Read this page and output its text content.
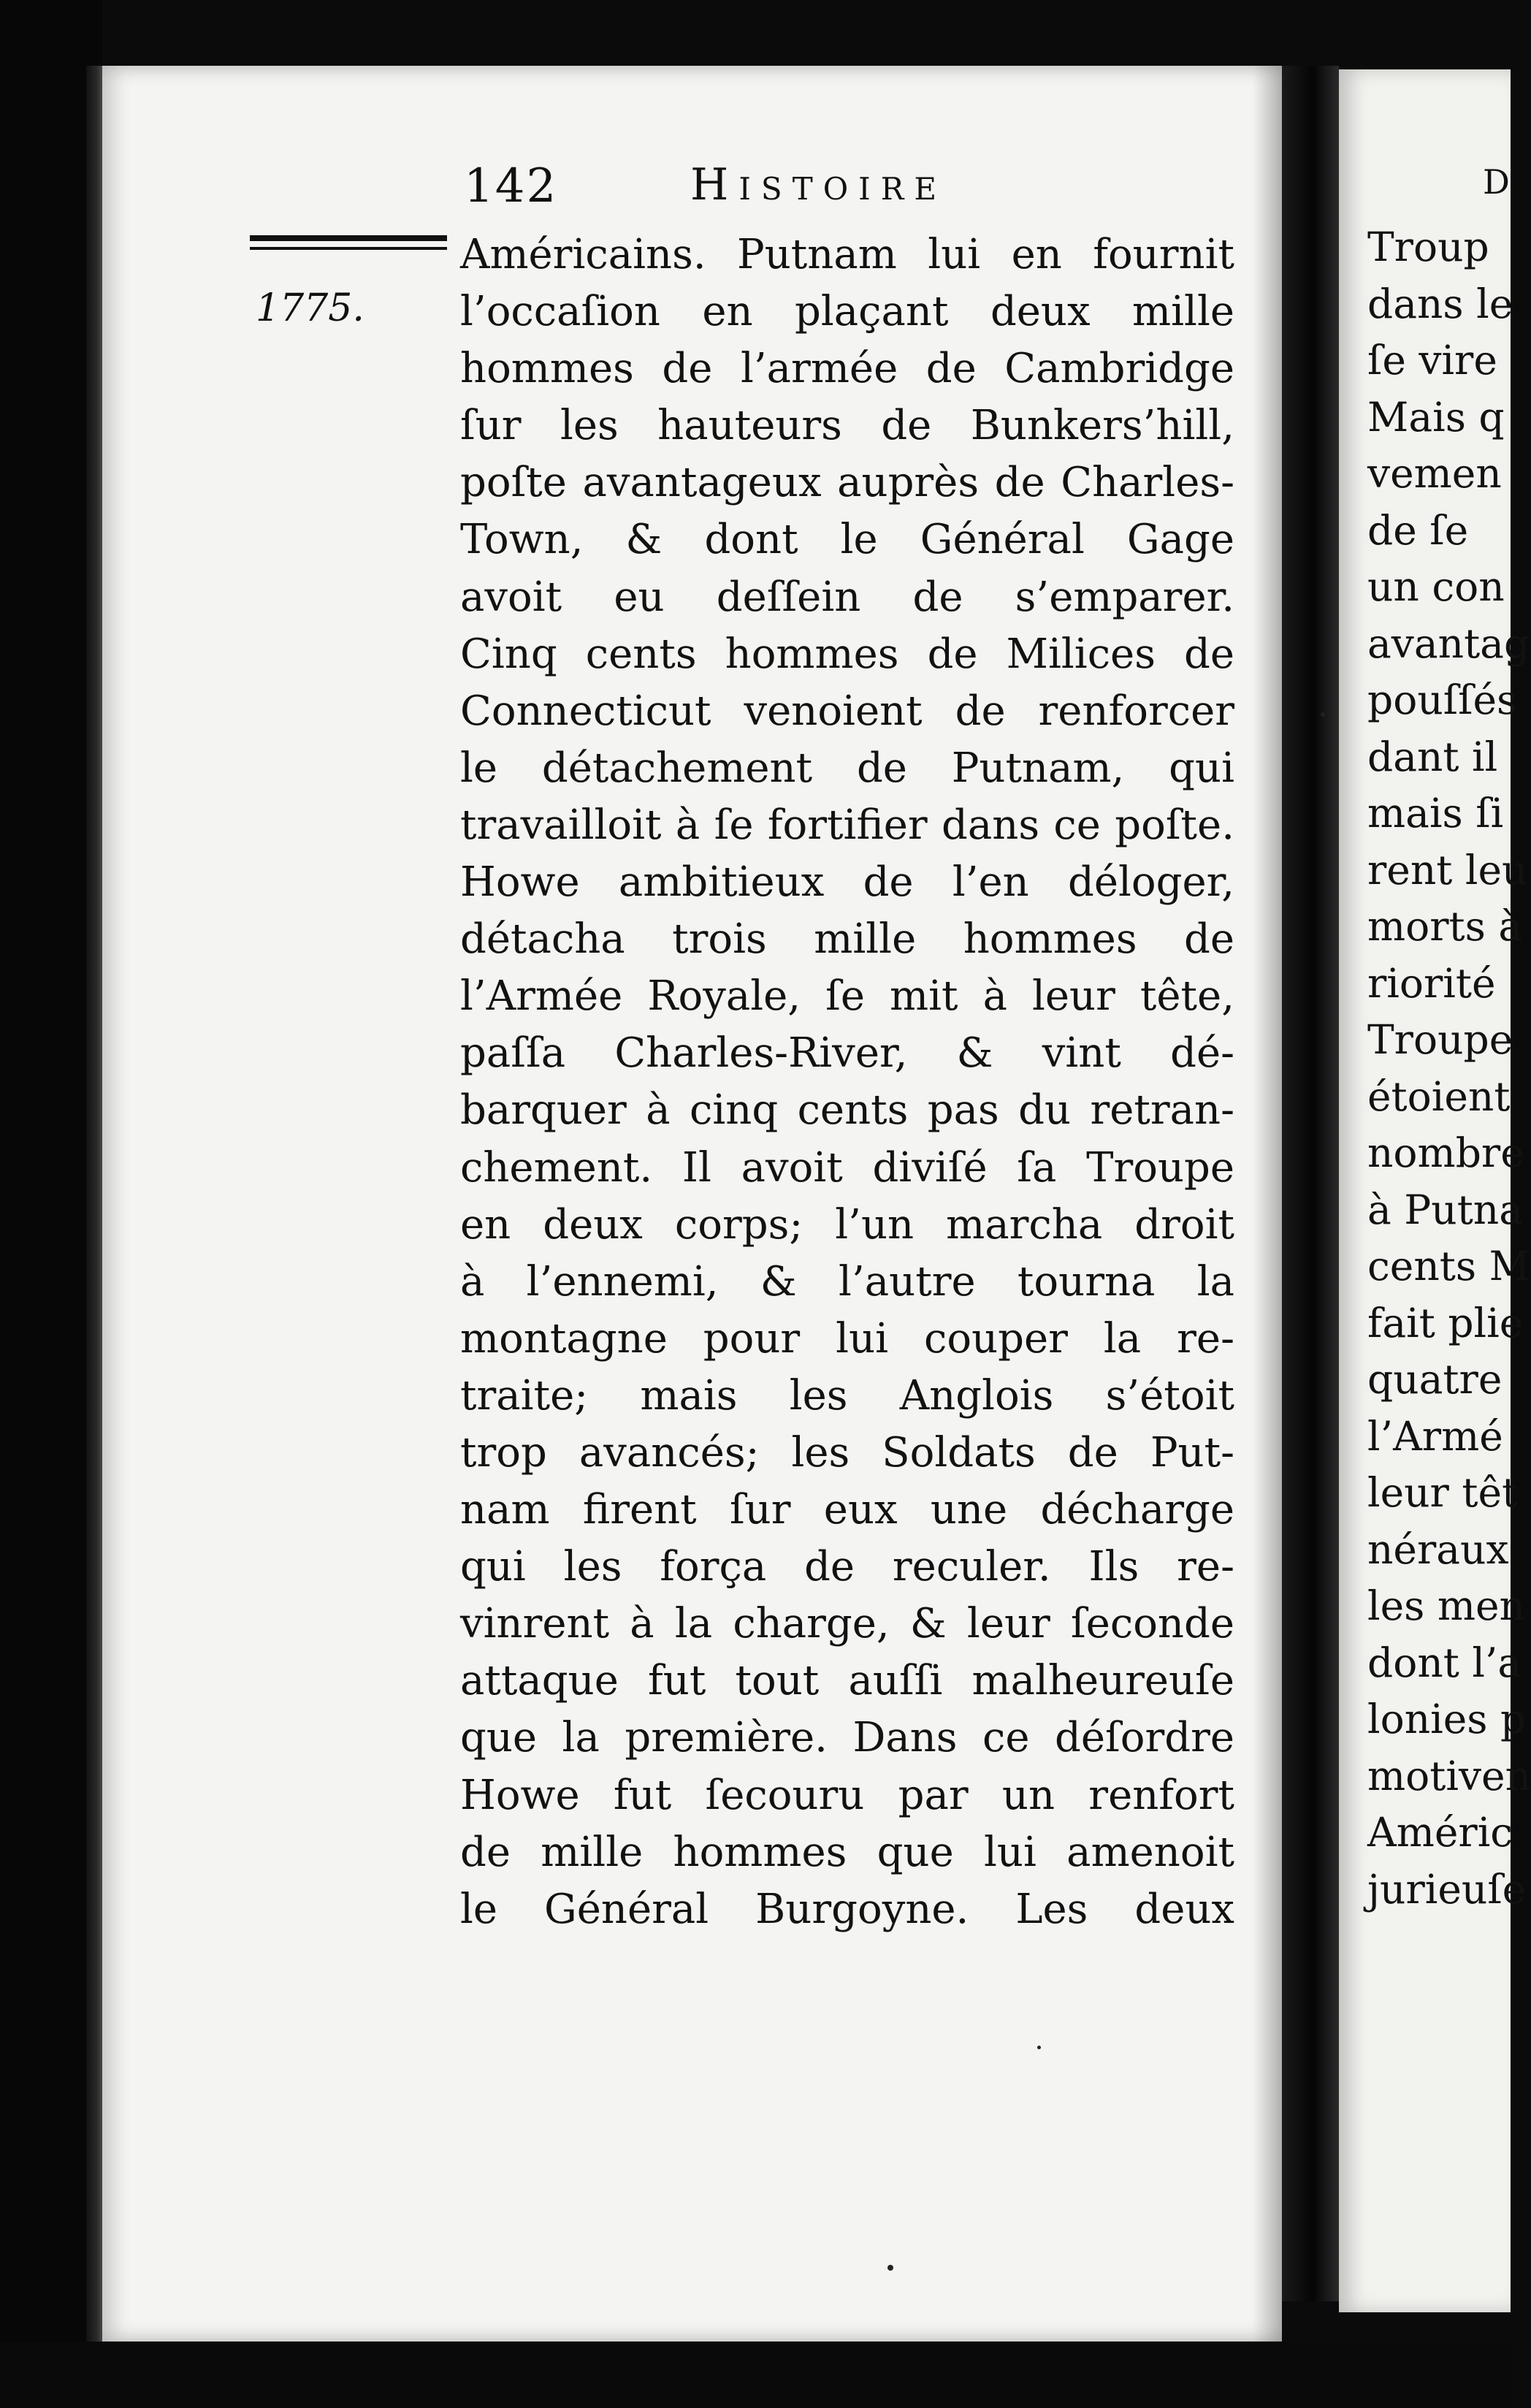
142	Histoire
1775.
Américains. Putnam lui en fournit
l’occaſion en plaçant deux mille
hommes de l’armée de Cambridge
ſur les hauteurs de Bunkers’hill,
poſte avantageux auprès de Charles-
Town, & dont le Général Gage
avoit eu deſſein de s’emparer.
Cinq cents hommes de Milices de
Connecticut venoient de renforcer
le détachement de Putnam, qui
travailloit à ſe fortifier dans ce poſte.
Howe ambitieux de l’en déloger,
détacha trois mille hommes de
l’Armée Royale, ſe mit à leur tête,
paſſa Charles-River, & vint dé-
barquer à cinq cents pas du retran-
chement. Il avoit diviſé ſa Troupe
en deux corps; l’un marcha droit
à l’ennemi, & l’autre tourna la
montagne pour lui couper la re-
traite; mais les Anglois s’étoit
trop avancés; les Soldats de Put-
nam firent ſur eux une décharge
qui les força de reculer. Ils re-
vinrent à la charge, & leur ſeconde
attaque fut tout auſſi malheureuſe
que la première. Dans ce déſordre
Howe fut ſecouru par un renfort
de mille hommes que lui amenoit
le Général Burgoyne. Les deux
D
Troup
dans le
ſe vire
Mais q
vemen
de ſe
un con
avantag
pouſſés
dant il
mais ſi
rent leu
morts à
riorité
Troupe
étoient
nombre
à Putna
cents M
fait plie
quatre
l’Armé
leur têt
néraux
les men
dont l’a
lonies p
motiven
Améric
jurieuſe
